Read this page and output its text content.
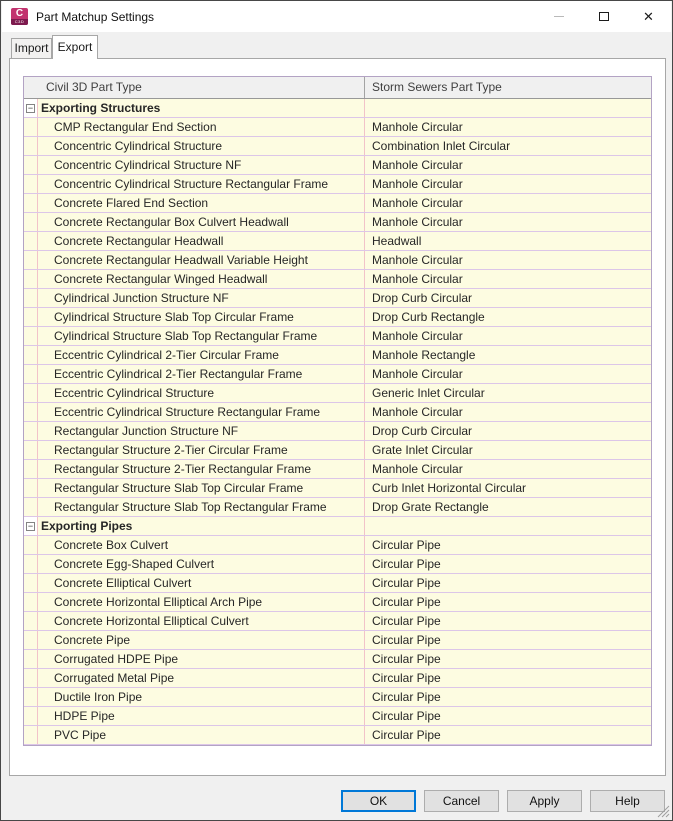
C
C3D Part Matchup Settings	✕
Import Export
Civil 3D Part Type	Storm Sewers Part Type
− Exporting Structures
CMP Rectangular End Section	Manhole Circular
Concentric Cylindrical Structure	Combination Inlet Circular
Concentric Cylindrical Structure NF	Manhole Circular
Concentric Cylindrical Structure Rectangular Frame	Manhole Circular
Concrete Flared End Section	Manhole Circular
Concrete Rectangular Box Culvert Headwall	Manhole Circular
Concrete Rectangular Headwall	Headwall
Concrete Rectangular Headwall Variable Height	Manhole Circular
Concrete Rectangular Winged Headwall	Manhole Circular
Cylindrical Junction Structure NF	Drop Curb Circular
Cylindrical Structure Slab Top Circular Frame	Drop Curb Rectangle
Cylindrical Structure Slab Top Rectangular Frame	Manhole Circular
Eccentric Cylindrical 2-Tier Circular Frame	Manhole Rectangle
Eccentric Cylindrical 2-Tier Rectangular Frame	Manhole Circular
Eccentric Cylindrical Structure	Generic Inlet Circular
Eccentric Cylindrical Structure Rectangular Frame	Manhole Circular
Rectangular Junction Structure NF	Drop Curb Circular
Rectangular Structure 2-Tier Circular Frame	Grate Inlet Circular
Rectangular Structure 2-Tier Rectangular Frame	Manhole Circular
Rectangular Structure Slab Top Circular Frame	Curb Inlet Horizontal Circular
Rectangular Structure Slab Top Rectangular Frame	Drop Grate Rectangle
− Exporting Pipes
Concrete Box Culvert	Circular Pipe
Concrete Egg-Shaped Culvert	Circular Pipe
Concrete Elliptical Culvert	Circular Pipe
Concrete Horizontal Elliptical Arch Pipe	Circular Pipe
Concrete Horizontal Elliptical Culvert	Circular Pipe
Concrete Pipe	Circular Pipe
Corrugated HDPE Pipe	Circular Pipe
Corrugated Metal Pipe	Circular Pipe
Ductile Iron Pipe	Circular Pipe
HDPE Pipe	Circular Pipe
PVC Pipe	Circular Pipe
OK	Cancel	Apply	Help
